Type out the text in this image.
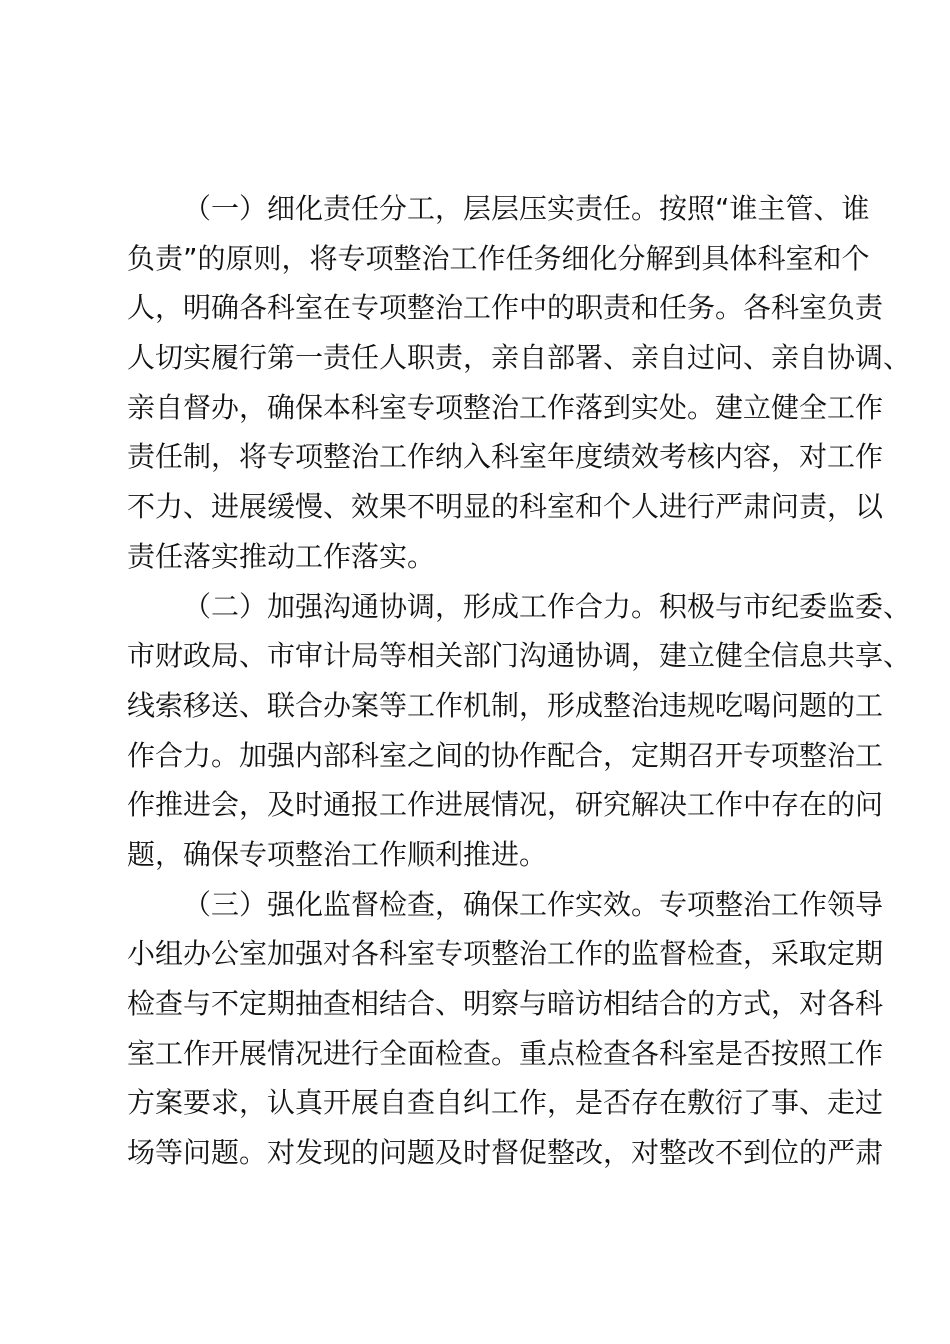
（一）细化责任分工，层层压实责任。按照“谁主管、谁
负责”的原则，将专项整治工作任务细化分解到具体科室和个
人，明确各科室在专项整治工作中的职责和任务。各科室负责
人切实履行第一责任人职责，亲自部署、亲自过问、亲自协调、
亲自督办，确保本科室专项整治工作落到实处。建立健全工作
责任制，将专项整治工作纳入科室年度绩效考核内容，对工作
不力、进展缓慢、效果不明显的科室和个人进行严肃问责，以
责任落实推动工作落实。
（二）加强沟通协调，形成工作合力。积极与市纪委监委、
市财政局、市审计局等相关部门沟通协调，建立健全信息共享、
线索移送、联合办案等工作机制，形成整治违规吃喝问题的工
作合力。加强内部科室之间的协作配合，定期召开专项整治工
作推进会，及时通报工作进展情况，研究解决工作中存在的问
题，确保专项整治工作顺利推进。
（三）强化监督检查，确保工作实效。专项整治工作领导
小组办公室加强对各科室专项整治工作的监督检查，采取定期
检查与不定期抽查相结合、明察与暗访相结合的方式，对各科
室工作开展情况进行全面检查。重点检查各科室是否按照工作
方案要求，认真开展自查自纠工作，是否存在敷衍了事、走过
场等问题。对发现的问题及时督促整改，对整改不到位的严肃
